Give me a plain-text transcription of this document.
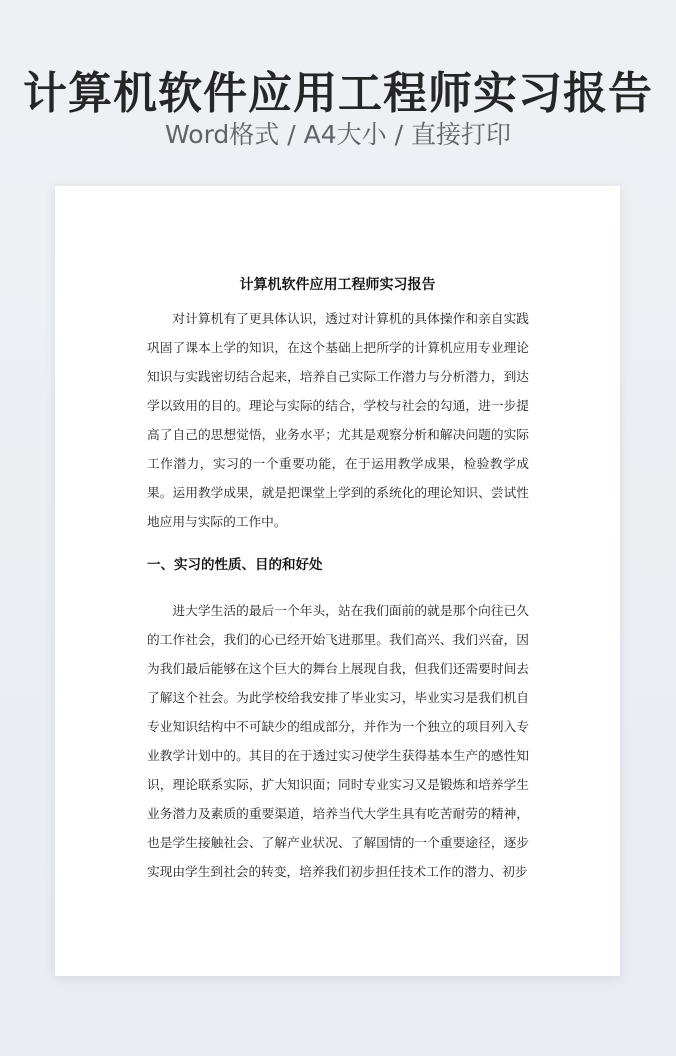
计算机软件应用工程师实习报告
Word格式 / A4大小 / 直接打印
计算机软件应用工程师实习报告

对计算机有了更具体认识，透过对计算机的具体操作和亲自实践巩固了课本上学的知识，在这个基础上把所学的计算机应用专业理论知识与实践密切结合起来，培养自己实际工作潜力与分析潜力，到达学以致用的目的。理论与实际的结合，学校与社会的勾通，进一步提高了自己的思想觉悟，业务水平；尤其是观察分析和解决问题的实际工作潜力，实习的一个重要功能，在于运用教学成果，检验教学成果。运用教学成果，就是把课堂上学到的系统化的理论知识、尝试性地应用与实际的工作中。

一、实习的性质、目的和好处

进大学生活的最后一个年头，站在我们面前的就是那个向往已久的工作社会，我们的心已经开始飞进那里。我们高兴、我们兴奋，因为我们最后能够在这个巨大的舞台上展现自我，但我们还需要时间去了解这个社会。为此学校给我安排了毕业实习，毕业实习是我们机自专业知识结构中不可缺少的组成部分，并作为一个独立的项目列入专业教学计划中的。其目的在于透过实习使学生获得基本生产的感性知识，理论联系实际，扩大知识面；同时专业实习又是锻炼和培养学生业务潜力及素质的重要渠道，培养当代大学生具有吃苦耐劳的精神，也是学生接触社会、了解产业状况、了解国情的一个重要途径，逐步实现由学生到社会的转变，培养我们初步担任技术工作的潜力、初步
